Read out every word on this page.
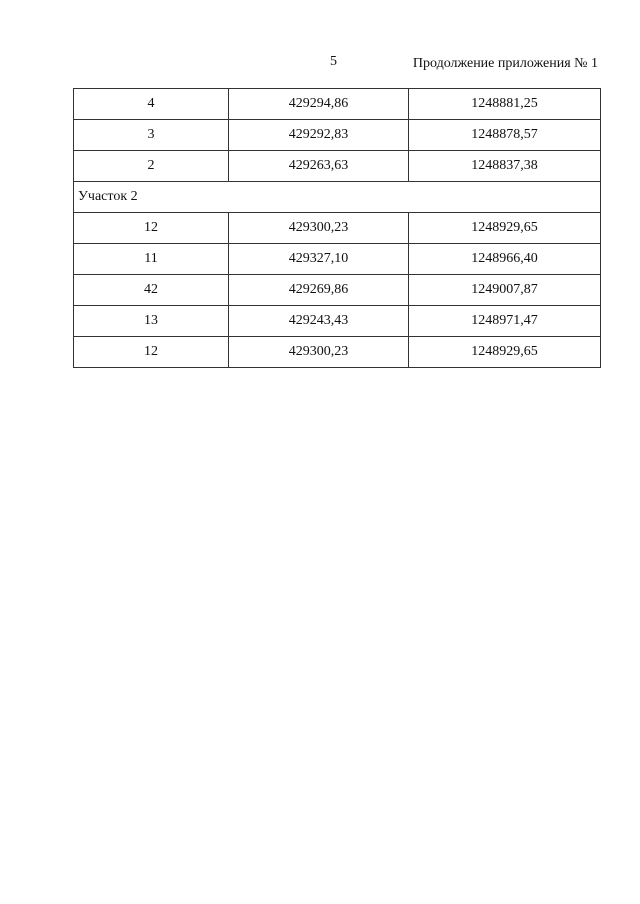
5	Продолжение приложения № 1
4	429294,86	1248881,25
3	429292,83	1248878,57
2	429263,63	1248837,38
Участок 2		
12	429300,23	1248929,65
11	429327,10	1248966,40
42	429269,86	1249007,87
13	429243,43	1248971,47
12	429300,23	1248929,65
